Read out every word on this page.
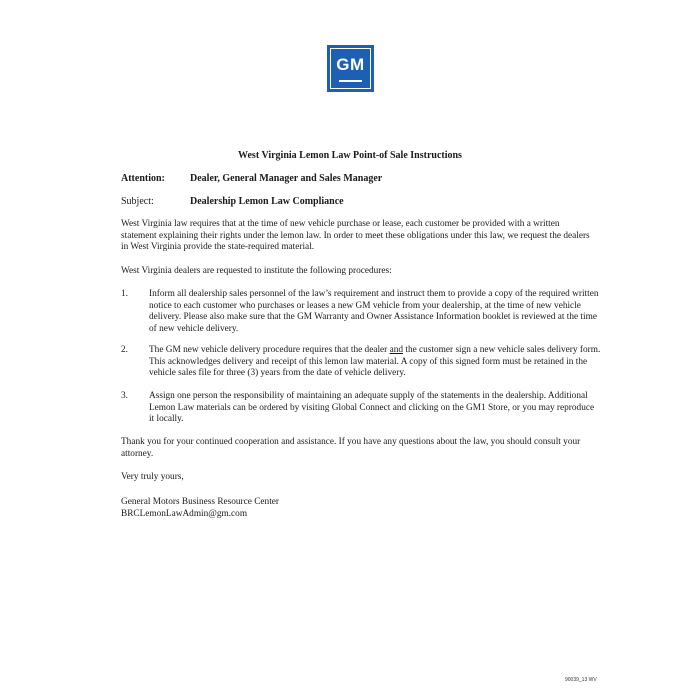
GM
West Virginia Lemon Law Point-of Sale Instructions
Attention:	Dealer, General Manager and Sales Manager
Subject:	Dealership Lemon Law Compliance

West Virginia law requires that at the time of new vehicle purchase or lease, each customer be provided with a written statement explaining their rights under the lemon law. In order to meet these obligations under this law, we request the dealers in West Virginia provide the state-required material.

West Virginia dealers are requested to institute the following procedures:

1. Inform all dealership sales personnel of the law’s requirement and instruct them to provide a copy of the required written notice to each customer who purchases or leases a new GM vehicle from your dealership, at the time of new vehicle delivery. Please also make sure that the GM Warranty and Owner Assistance Information booklet is reviewed at the time of new vehicle delivery.
2. The GM new vehicle delivery procedure requires that the dealer and the customer sign a new vehicle sales delivery form. This acknowledges delivery and receipt of this lemon law material. A copy of this signed form must be retained in the vehicle sales file for three (3) years from the date of vehicle delivery.
3. Assign one person the responsibility of maintaining an adequate supply of the statements in the dealership. Additional Lemon Law materials can be ordered by visiting Global Connect and clicking on the GM1 Store, or you may reproduce it locally.

Thank you for your continued cooperation and assistance. If you have any questions about the law, you should consult your attorney.

Very truly yours,

General Motors Business Resource Center

BRCLemonLawAdmin@gm.com

90039_13 WV
